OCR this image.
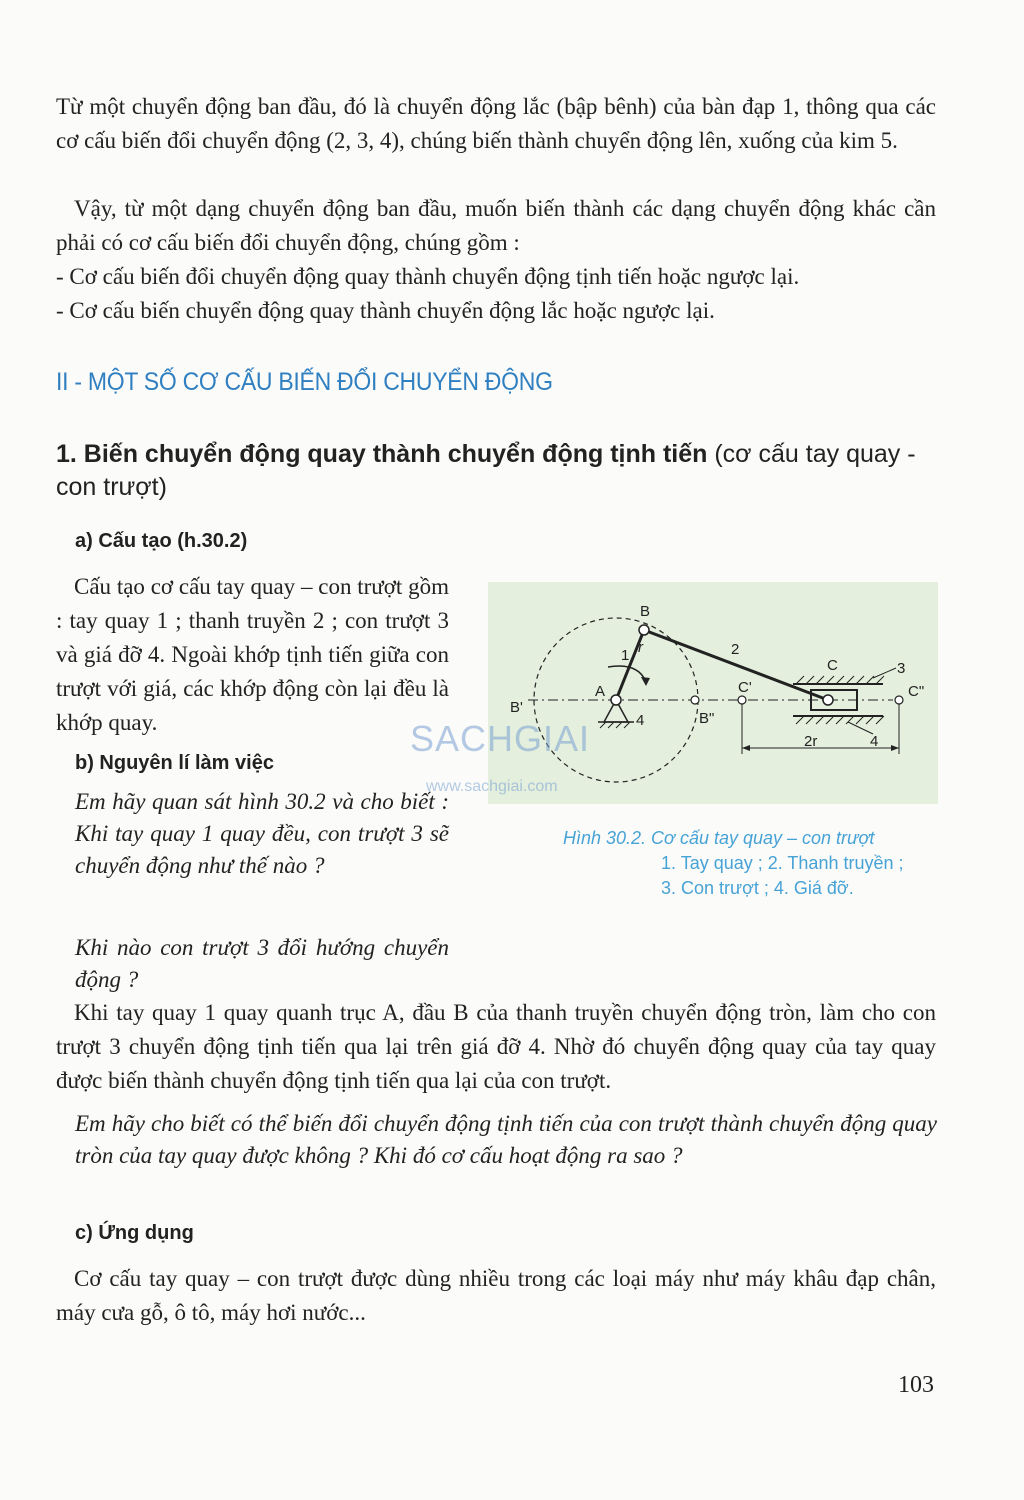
Từ một chuyển động ban đầu, đó là chuyển động lắc (bập bênh) của bàn đạp 1, thông qua các cơ cấu biến đổi chuyển động (2, 3, 4), chúng biến thành chuyển động lên, xuống của kim 5.

Vậy, từ một dạng chuyển động ban đầu, muốn biến thành các dạng chuyển động khác cần phải có cơ cấu biến đổi chuyển động, chúng gồm :

- Cơ cấu biến đổi chuyển động quay thành chuyển động tịnh tiến hoặc ngược lại.

- Cơ cấu biến chuyển động quay thành chuyển động lắc hoặc ngược lại.

II - MỘT SỐ CƠ CẤU BIẾN ĐỔI CHUYỂN ĐỘNG
1. Biến chuyển động quay thành chuyển động tịnh tiến (cơ cấu tay quay - con trượt)
a) Cấu tạo (h.30.2)

Cấu tạo cơ cấu tay quay – con trượt gồm : tay quay 1 ; thanh truyền 2 ; con trượt 3 và giá đỡ 4. Ngoài khớp tịnh tiến giữa con trượt với giá, các khớp động còn lại đều là khớp quay.

B
A
B'
B"
C'
C
C"
1 r	2
3
4
4
2r
SACHGIAI
www.sachgiai.com
Hình 30.2. Cơ cấu tay quay – con trượt
1. Tay quay ; 2. Thanh truyền ;
3. Con trượt ; 4. Giá đỡ.
b) Nguyên lí làm việc

Em hãy quan sát hình 30.2 và cho biết : Khi tay quay 1 quay đều, con trượt 3 sẽ chuyển động như thế nào ?

Khi nào con trượt 3 đổi hướng chuyển động ?

Khi tay quay 1 quay quanh trục A, đầu B của thanh truyền chuyển động tròn, làm cho con trượt 3 chuyển động tịnh tiến qua lại trên giá đỡ 4. Nhờ đó chuyển động quay của tay quay được biến thành chuyển động tịnh tiến qua lại của con trượt.

Em hãy cho biết có thể biến đổi chuyển động tịnh tiến của con trượt thành chuyển động quay tròn của tay quay được không ? Khi đó cơ cấu hoạt động ra sao ?

c) Ứng dụng

Cơ cấu tay quay – con trượt được dùng nhiều trong các loại máy như máy khâu đạp chân, máy cưa gỗ, ô tô, máy hơi nước...

103
